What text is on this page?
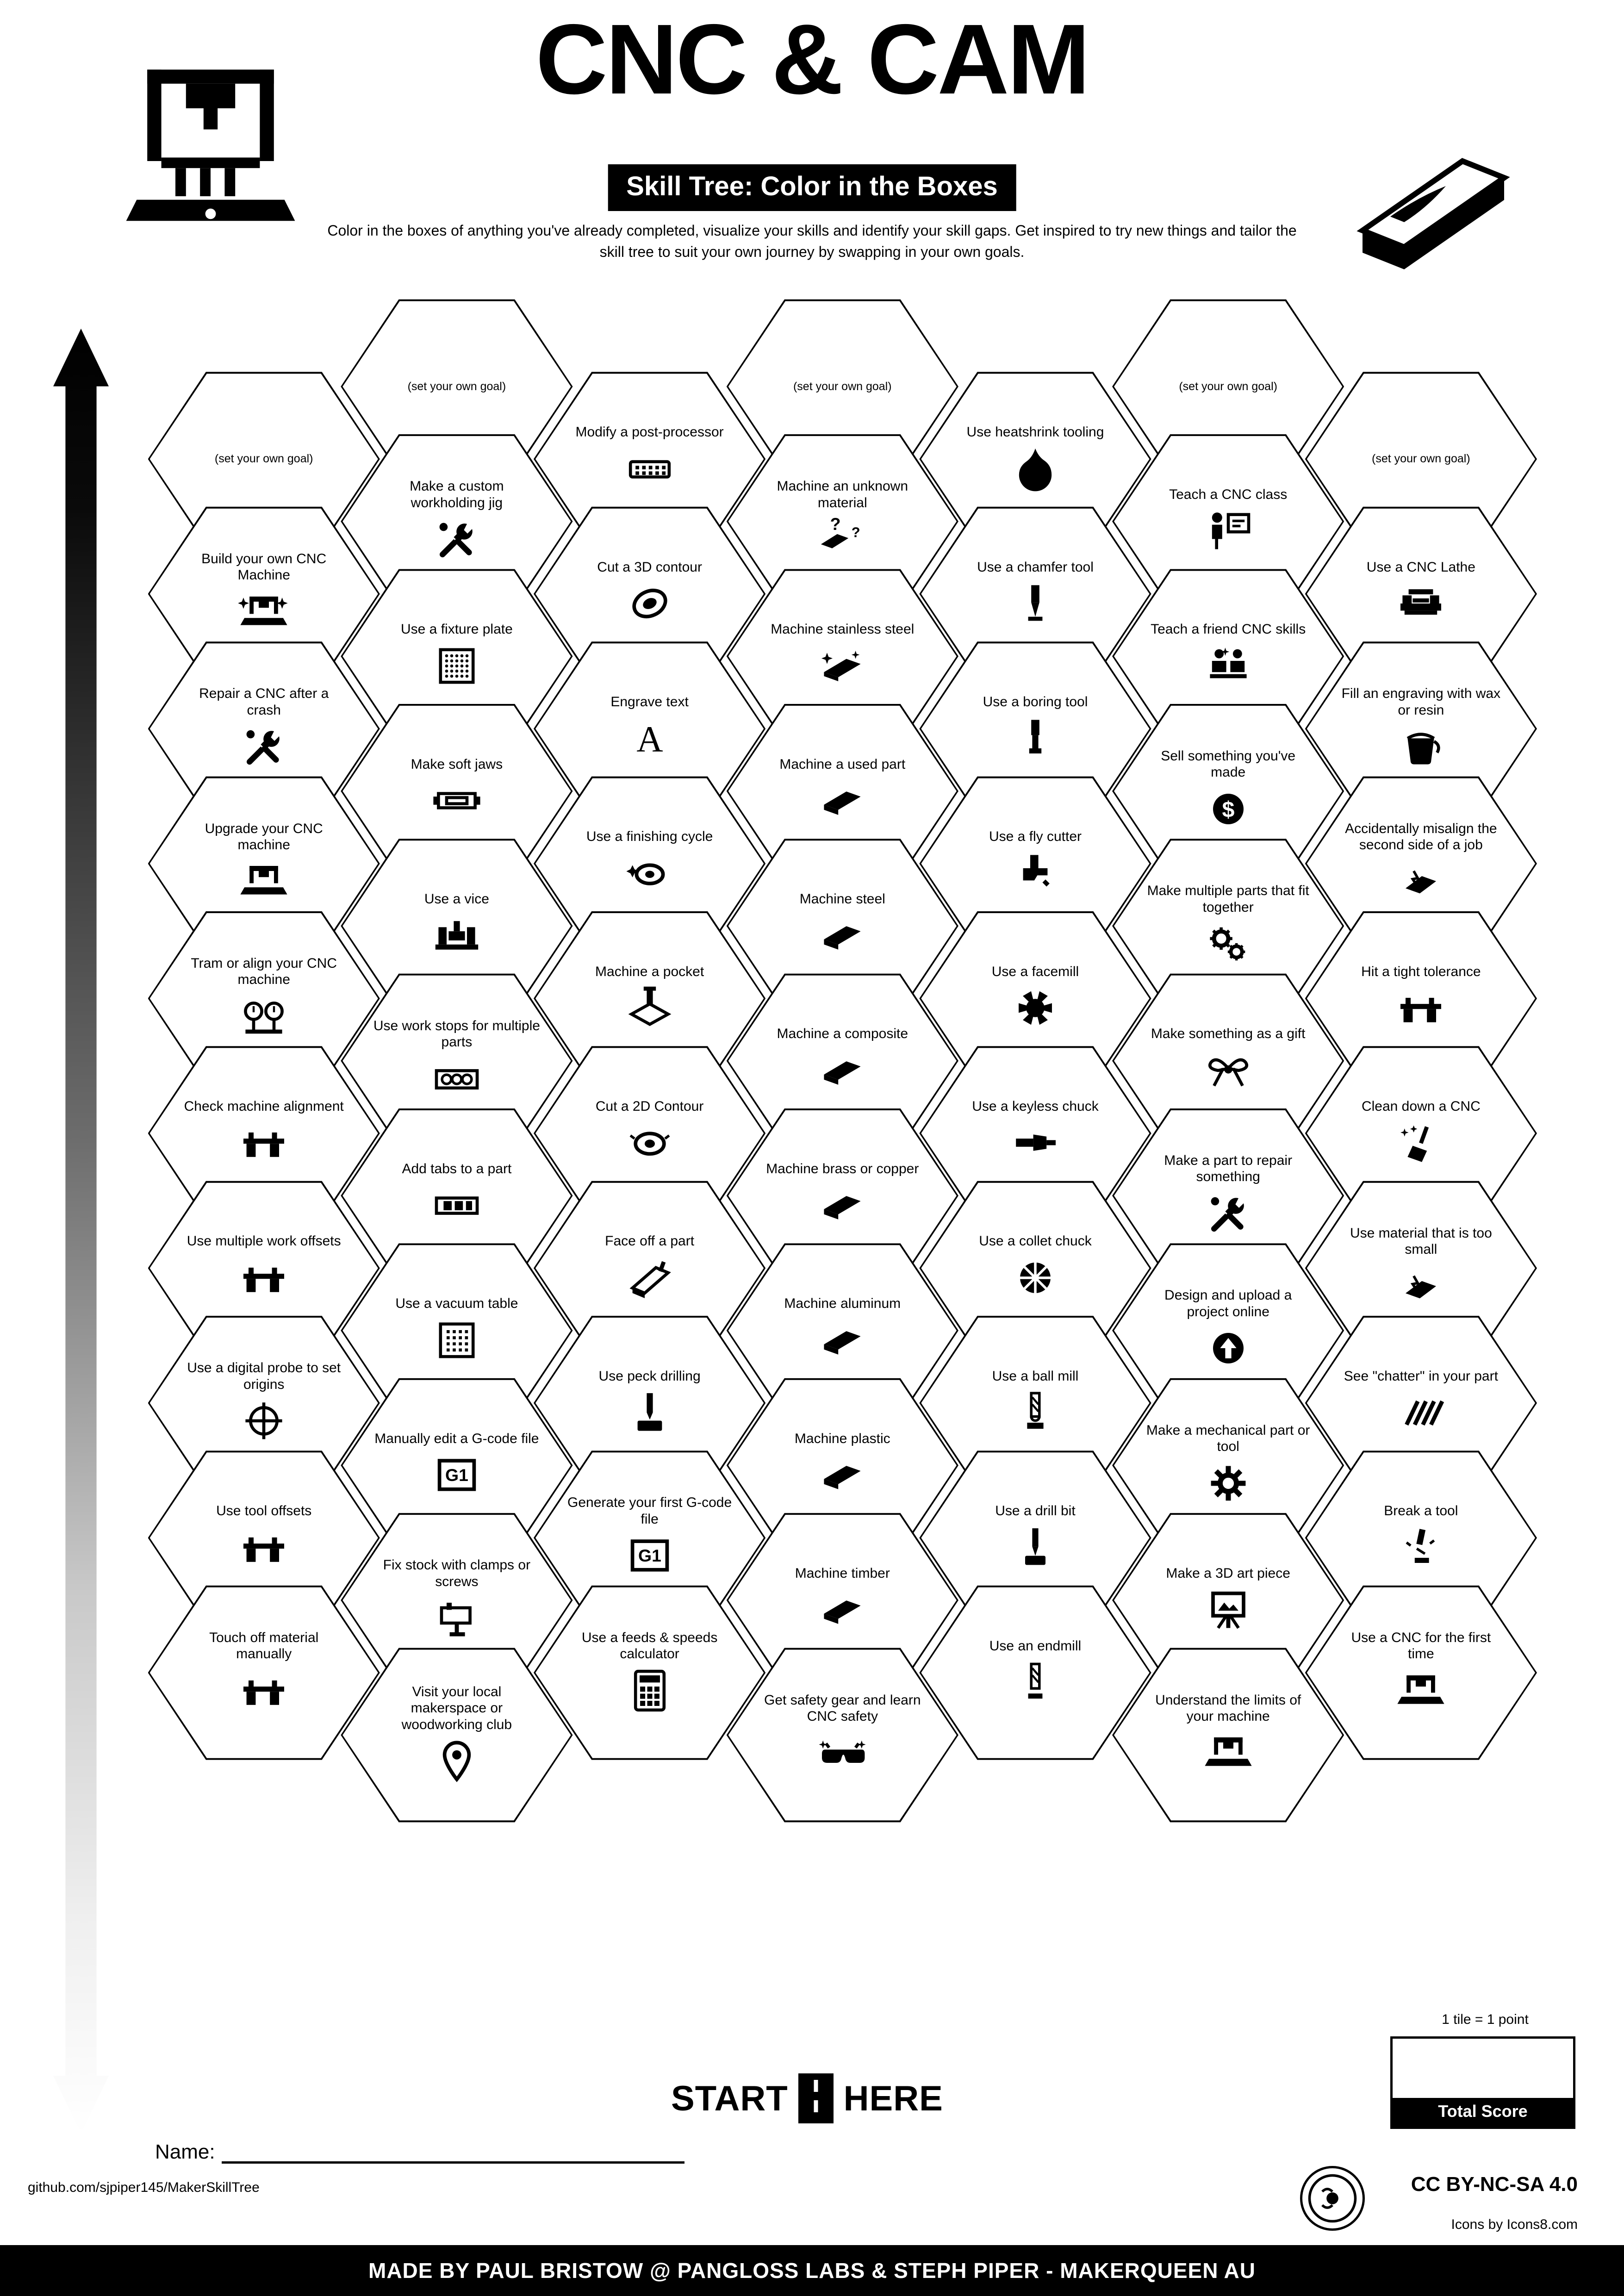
CNC & CAM
Skill Tree: Color in the Boxes
Color in the boxes of anything you've already completed, visualize your skills and identify your skill gaps. Get inspired to try new things and tailor the skill tree to suit your own journey by swapping in your own goals.
(set your own goal)
Build your own CNC Machine
Repair a CNC after a crash
Upgrade your CNC machine
Tram or align your CNC machine
Check machine alignment
Use multiple work offsets
Use a digital probe to set origins
Use tool offsets
Touch off material manually
(set your own goal)
Make a custom workholding jig
Use a fixture plate
Make soft jaws
Use a vice
Use work stops for multiple parts
Add tabs to a part
Use a vacuum table
Manually edit a G-code file
G1
Fix stock with clamps or screws
Visit your local makerspace or woodworking club
Modify a post-processor
Cut a 3D contour
Engrave text
A
Use a finishing cycle
Machine a pocket
Cut a 2D Contour
Face off a part
Use peck drilling
Generate your first G-code file
G1
Use a feeds & speeds calculator
(set your own goal)
Machine an unknown material
? ?
Machine stainless steel
Machine a used part
Machine steel
Machine a composite
Machine brass or copper
Machine aluminum
Machine plastic
Machine timber
Get safety gear and learn CNC safety
Use heatshrink tooling
Use a chamfer tool
Use a boring tool
Use a fly cutter
Use a facemill
Use a keyless chuck
Use a collet chuck
Use a ball mill
Use a drill bit
Use an endmill
(set your own goal)
Teach a CNC class
Teach a friend CNC skills
Sell something you've made
$
Make multiple parts that fit together
Make something as a gift
Make a part to repair something
Design and upload a project online
Make a mechanical part or tool
Make a 3D art piece
Understand the limits of your machine
(set your own goal)
Use a CNC Lathe
Fill an engraving with wax or resin
Accidentally misalign the second side of a job
Hit a tight tolerance
Clean down a CNC
Use material that is too small
See "chatter" in your part
Break a tool
Use a CNC for the first time
START HERE
1 tile = 1 point
Total Score
Name:
github.com/sjpiper145/MakerSkillTree	CC BY-NC-SA 4.0
Icons by Icons8.com
MADE BY PAUL BRISTOW @ PANGLOSS LABS & STEPH PIPER - MAKERQUEEN AU
